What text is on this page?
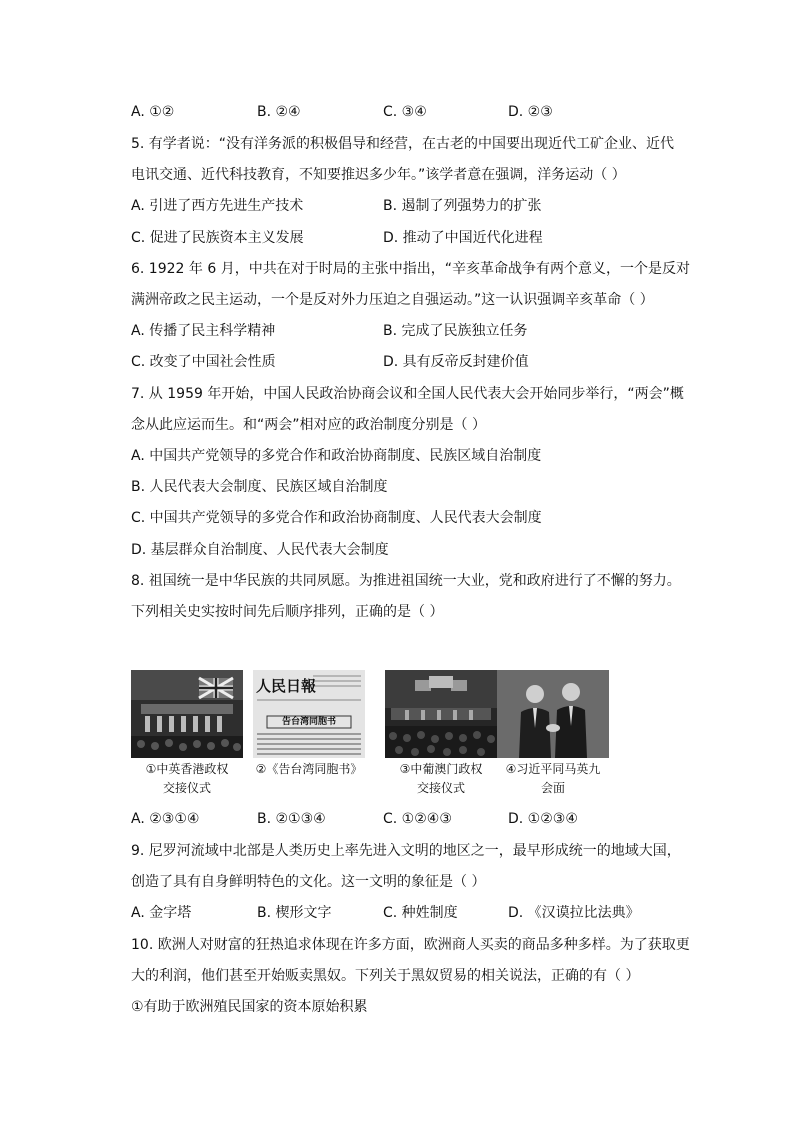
A. ①②	B. ②④	C. ③④	D. ②③
5. 有学者说：“没有洋务派的积极倡导和经营，在古老的中国要出现近代工矿企业、近代
电讯交通、近代科技教育，不知要推迟多少年。”该学者意在强调，洋务运动（ ）
A. 引进了西方先进生产技术	B. 遏制了列强势力的扩张
C. 促进了民族资本主义发展	D. 推动了中国近代化进程
6. 1922 年 6 月，中共在对于时局的主张中指出，“辛亥革命战争有两个意义，一个是反对
满洲帝政之民主运动，一个是反对外力压迫之自强运动。”这一认识强调辛亥革命（ ）
A. 传播了民主科学精神	B. 完成了民族独立任务
C. 改变了中国社会性质	D. 具有反帝反封建价值
7. 从 1959 年开始，中国人民政治协商会议和全国人民代表大会开始同步举行，“两会”概
念从此应运而生。和“两会”相对应的政治制度分别是（ ）
A. 中国共产党领导的多党合作和政治协商制度、民族区域自治制度
B. 人民代表大会制度、民族区域自治制度
C. 中国共产党领导的多党合作和政治协商制度、人民代表大会制度
D. 基层群众自治制度、人民代表大会制度
8. 祖国统一是中华民族的共同夙愿。为推进祖国统一大业，党和政府进行了不懈的努力。
下列相关史实按时间先后顺序排列，正确的是（ ）
①中英香港政权
交接仪式
人民日報
告台湾同胞书
②《告台湾同胞书》	③中葡澳门政权
交接仪式
④习近平同马英九
会面
A. ②③①④	B. ②①③④	C. ①②④③	D. ①②③④
9. 尼罗河流域中北部是人类历史上率先进入文明的地区之一，最早形成统一的地域大国，
创造了具有自身鲜明特色的文化。这一文明的象征是（ ）
A. 金字塔	B. 楔形文字	C. 种姓制度	D. 《汉谟拉比法典》
10. 欧洲人对财富的狂热追求体现在许多方面，欧洲商人买卖的商品多种多样。为了获取更
大的利润，他们甚至开始贩卖黑奴。下列关于黑奴贸易的相关说法，正确的有（ ）
①有助于欧洲殖民国家的资本原始积累
